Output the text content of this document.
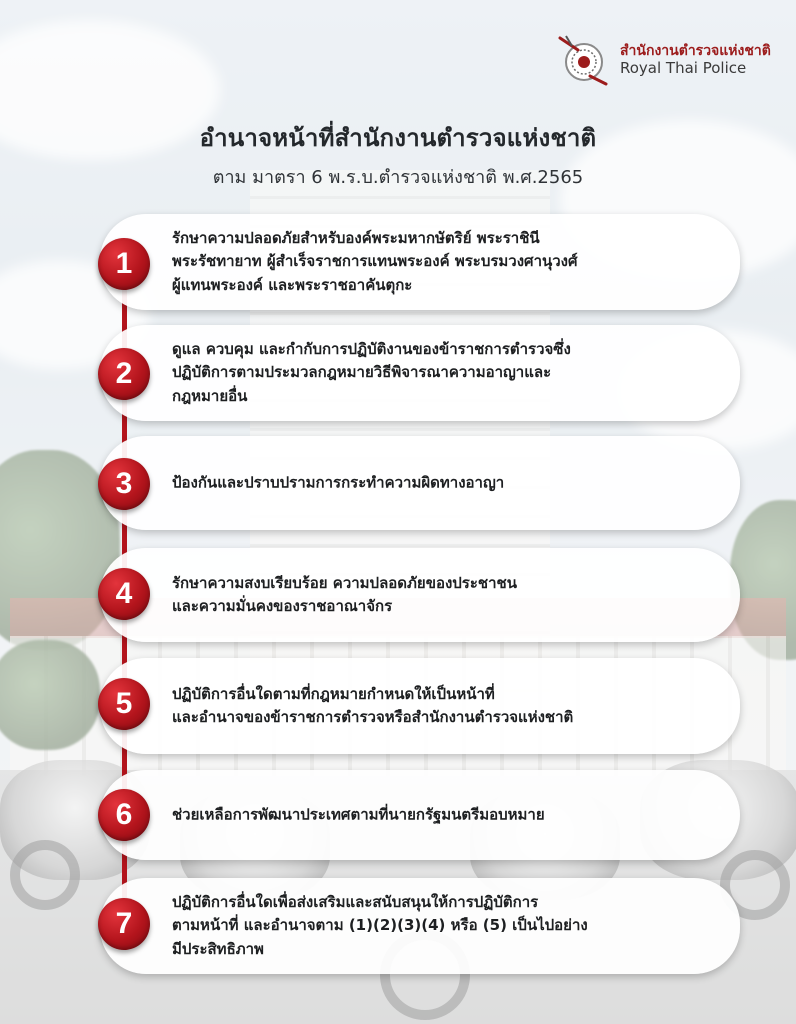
สำนักงานตำรวจแห่งชาติ
Royal Thai Police
อำนาจหน้าที่สำนักงานตำรวจแห่งชาติ
ตาม มาตรา 6 พ.ร.บ.ตำรวจแห่งชาติ พ.ศ.2565
รักษาความปลอดภัยสำหรับองค์พระมหากษัตริย์ พระราชินี
พระรัชทายาท ผู้สำเร็จราชการแทนพระองค์ พระบรมวงศานุวงศ์
ผู้แทนพระองค์ และพระราชอาคันตุกะ
1
ดูแล ควบคุม และกำกับการปฏิบัติงานของข้าราชการตำรวจซึ่ง
ปฏิบัติการตามประมวลกฎหมายวิธีพิจารณาความอาญาและ
กฎหมายอื่น
2
ป้องกันและปราบปรามการกระทำความผิดทางอาญา
3
รักษาความสงบเรียบร้อย ความปลอดภัยของประชาชน
และความมั่นคงของราชอาณาจักร
4
ปฏิบัติการอื่นใดตามที่กฎหมายกำหนดให้เป็นหน้าที่
และอำนาจของข้าราชการตำรวจหรือสำนักงานตำรวจแห่งชาติ
5
ช่วยเหลือการพัฒนาประเทศตามที่นายกรัฐมนตรีมอบหมาย
6
ปฏิบัติการอื่นใดเพื่อส่งเสริมและสนับสนุนให้การปฏิบัติการ
ตามหน้าที่ และอำนาจตาม (1)(2)(3)(4) หรือ (5) เป็นไปอย่าง
มีประสิทธิภาพ
7
